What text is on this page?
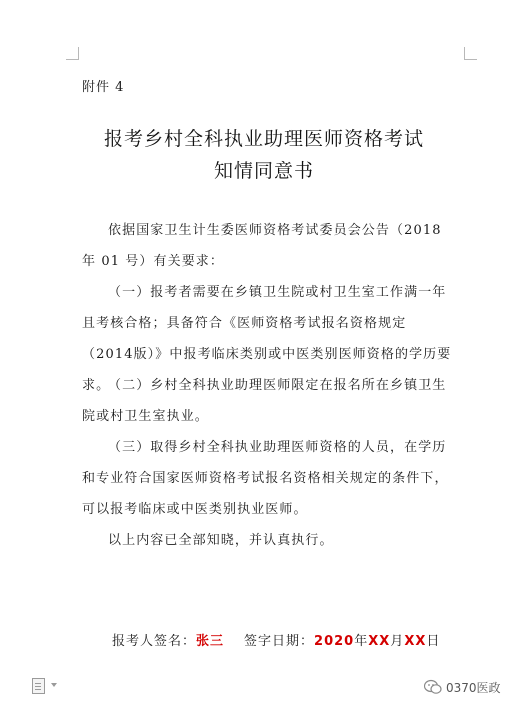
附件 4
报考乡村全科执业助理医师资格考试
知情同意书
依据国家卫生计生委医师资格考试委员会公告（2018年 01 号）有关要求：
（一）报考者需要在乡镇卫生院或村卫生室工作满一年且考核合格；具备符合《医师资格考试报名资格规定（2014版）》中报考临床类别或中医类别医师资格的学历要求。
（二）乡村全科执业助理医师限定在报名所在乡镇卫生院或村卫生室执业。
（三）取得乡村全科执业助理医师资格的人员，在学历和专业符合国家医师资格考试报名资格相关规定的条件下，可以报考临床或中医类别执业医师。
以上内容已全部知晓，并认真执行。
报考人签名：张三 签字日期：2020年XX月XX日
0370医政
